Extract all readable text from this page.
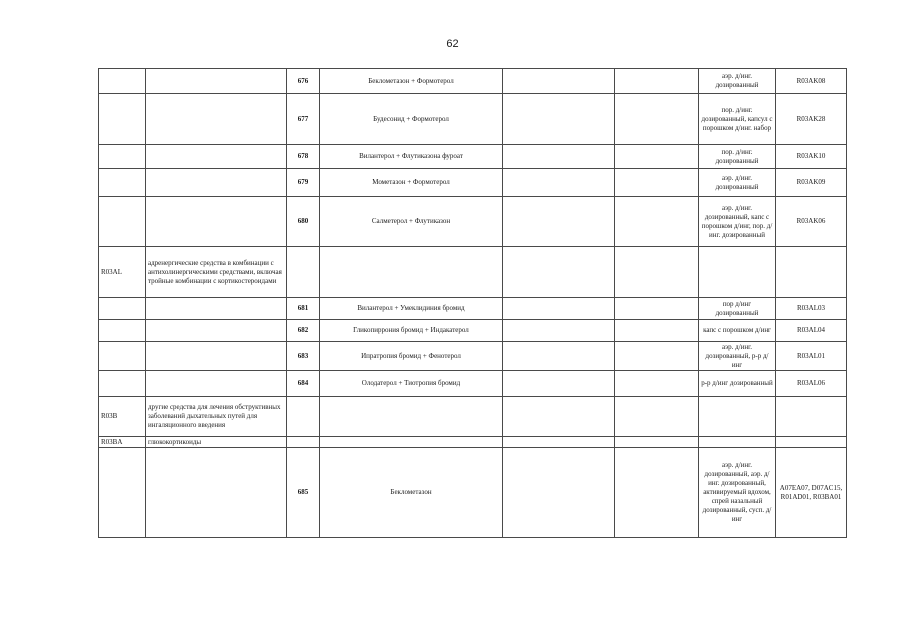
62
		676	Беклометазон + Формотерол			аэр. д/инг. дозированный	R03AK08
		677	Будесонид + Формотерол			пор. д/инг. дозированный, капсул с порошком д/инг. набор	R03AK28
		678	Вилантерол + Флутиказона фуроат			пор. д/инг. дозированный	R03AK10
		679	Мометазон + Формотерол			аэр. д/инг. дозированный	R03AK09
		680	Салметерол + Флутиказон			аэр. д/инг. дозированный, капс с порошком д/инг, пор. д/инг. дозированный	R03AK06
R03AL	адренергические средства в комбинации с антихолинергическими средствами, включая тройные комбинации с кортикостероидами						
		681	Вилантерол + Умеклидиния бромид			пор д/инг дозированный	R03AL03
		682	Гликопиррония бромид + Индакатерол			капс с порошком д/инг	R03AL04
		683	Ипратропия бромид + Фенотерол			аэр. д/инг. дозированный, р-р д/инг	R03AL01
		684	Олодатерол + Тиотропия бромид			р-р д/инг дозированный	R03AL06
R03B	другие средства для лечения обструктивных заболеваний дыхательных путей для ингаляционного введения						
R03BA	глюкокортикоиды						
		685	Беклометазон			аэр. д/инг. дозированный, аэр. д/инг. дозированный, активируемый вдохом, спрей назальный дозированный, сусп. д/инг	A07EA07, D07AC15, R01AD01, R03BA01
